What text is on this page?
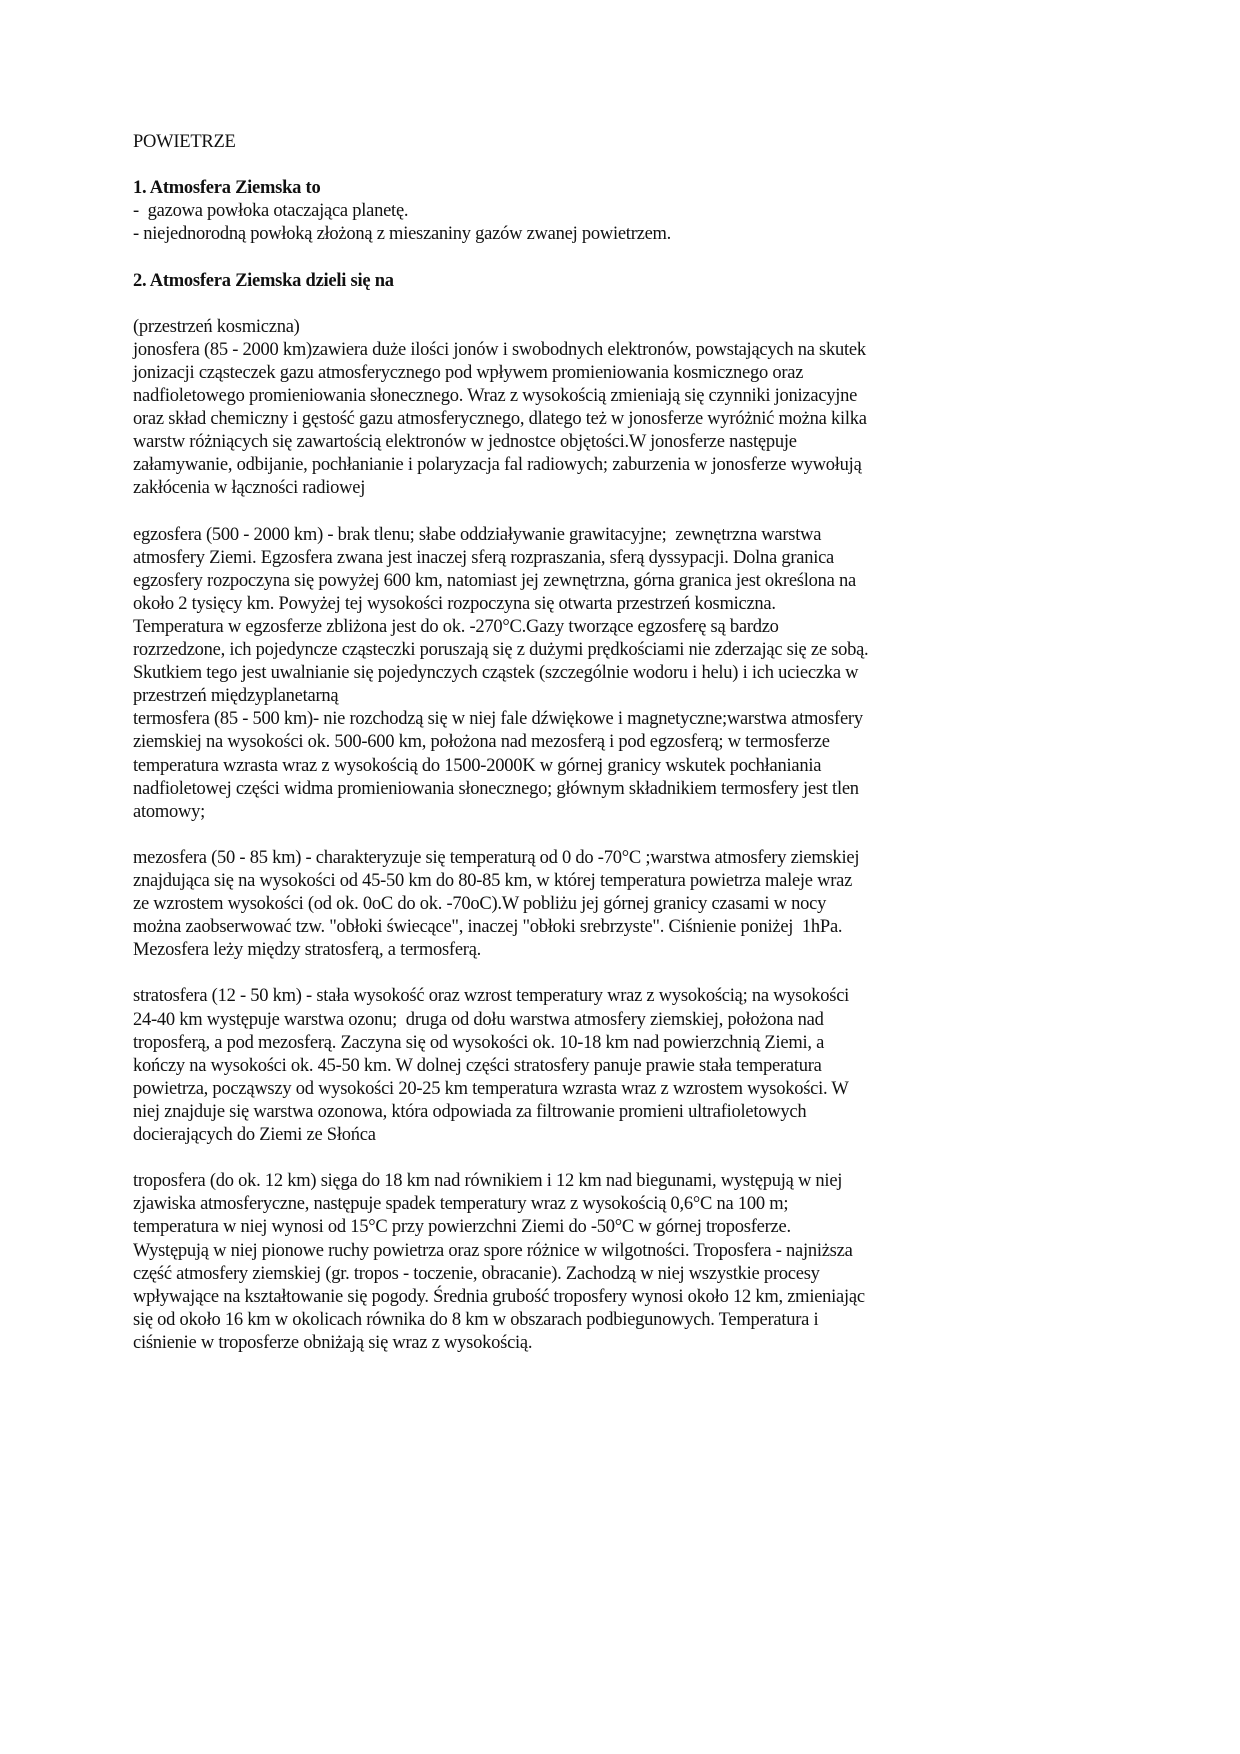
POWIETRZE
1. Atmosfera Ziemska to
-  gazowa powłoka otaczająca planetę.
- niejednorodną powłoką złożoną z mieszaniny gazów zwanej powietrzem.
2. Atmosfera Ziemska dzieli się na
(przestrzeń kosmiczna)
jonosfera (85 - 2000 km)zawiera duże ilości jonów i swobodnych elektronów, powstających na skutek
jonizacji cząsteczek gazu atmosferycznego pod wpływem promieniowania kosmicznego oraz
nadfioletowego promieniowania słonecznego. Wraz z wysokością zmieniają się czynniki jonizacyjne
oraz skład chemiczny i gęstość gazu atmosferycznego, dlatego też w jonosferze wyróżnić można kilka
warstw różniących się zawartością elektronów w jednostce objętości.W jonosferze następuje
załamywanie, odbijanie, pochłanianie i polaryzacja fal radiowych; zaburzenia w jonosferze wywołują
zakłócenia w łączności radiowej
egzosfera (500 - 2000 km) - brak tlenu; słabe oddziaływanie grawitacyjne;  zewnętrzna warstwa
atmosfery Ziemi. Egzosfera zwana jest inaczej sferą rozpraszania, sferą dyssypacji. Dolna granica
egzosfery rozpoczyna się powyżej 600 km, natomiast jej zewnętrzna, górna granica jest określona na
około 2 tysięcy km. Powyżej tej wysokości rozpoczyna się otwarta przestrzeń kosmiczna.
Temperatura w egzosferze zbliżona jest do ok. -270°C.Gazy tworzące egzosferę są bardzo
rozrzedzone, ich pojedyncze cząsteczki poruszają się z dużymi prędkościami nie zderzając się ze sobą.
Skutkiem tego jest uwalnianie się pojedynczych cząstek (szczególnie wodoru i helu) i ich ucieczka w
przestrzeń międzyplanetarną
termosfera (85 - 500 km)- nie rozchodzą się w niej fale dźwiękowe i magnetyczne;warstwa atmosfery
ziemskiej na wysokości ok. 500-600 km, położona nad mezosferą i pod egzosferą; w termosferze
temperatura wzrasta wraz z wysokością do 1500-2000K w górnej granicy wskutek pochłaniania
nadfioletowej części widma promieniowania słonecznego; głównym składnikiem termosfery jest tlen
atomowy;
mezosfera (50 - 85 km) - charakteryzuje się temperaturą od 0 do -70°C ;warstwa atmosfery ziemskiej
znajdująca się na wysokości od 45-50 km do 80-85 km, w której temperatura powietrza maleje wraz
ze wzrostem wysokości (od ok. 0oC do ok. -70oC).W pobliżu jej górnej granicy czasami w nocy
można zaobserwować tzw. "obłoki świecące", inaczej "obłoki srebrzyste". Ciśnienie poniżej  1hPa.
Mezosfera leży między stratosferą, a termosferą.
stratosfera (12 - 50 km) - stała wysokość oraz wzrost temperatury wraz z wysokością; na wysokości
24-40 km występuje warstwa ozonu;  druga od dołu warstwa atmosfery ziemskiej, położona nad
troposferą, a pod mezosferą. Zaczyna się od wysokości ok. 10-18 km nad powierzchnią Ziemi, a
kończy na wysokości ok. 45-50 km. W dolnej części stratosfery panuje prawie stała temperatura
powietrza, począwszy od wysokości 20-25 km temperatura wzrasta wraz z wzrostem wysokości. W
niej znajduje się warstwa ozonowa, która odpowiada za filtrowanie promieni ultrafioletowych
docierających do Ziemi ze Słońca
troposfera (do ok. 12 km) sięga do 18 km nad równikiem i 12 km nad biegunami, występują w niej
zjawiska atmosferyczne, następuje spadek temperatury wraz z wysokością 0,6°C na 100 m;
temperatura w niej wynosi od 15°C przy powierzchni Ziemi do -50°C w górnej troposferze.
Występują w niej pionowe ruchy powietrza oraz spore różnice w wilgotności. Troposfera - najniższa
część atmosfery ziemskiej (gr. tropos - toczenie, obracanie). Zachodzą w niej wszystkie procesy
wpływające na kształtowanie się pogody. Średnia grubość troposfery wynosi około 12 km, zmieniając
się od około 16 km w okolicach równika do 8 km w obszarach podbiegunowych. Temperatura i
ciśnienie w troposferze obniżają się wraz z wysokością.
